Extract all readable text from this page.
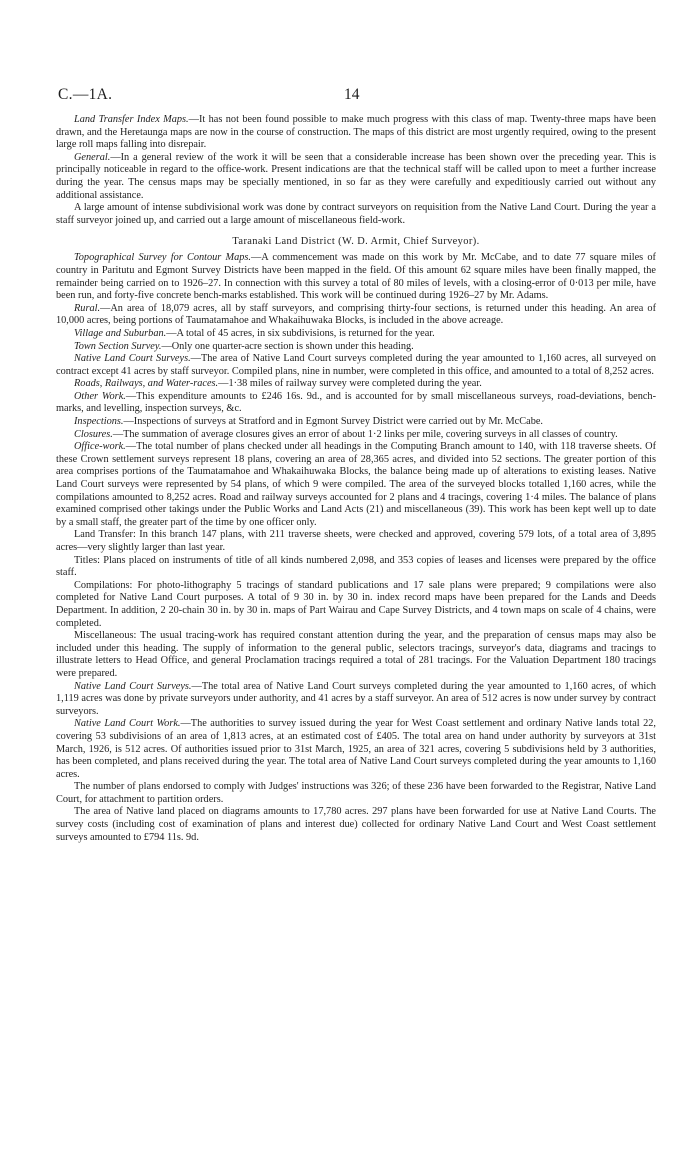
C.—1A.	14

Land Transfer Index Maps.—It has not been found possible to make much progress with this class of map. Twenty-three maps have been drawn, and the Heretaunga maps are now in the course of construction. The maps of this district are most urgently required, owing to the present large roll maps falling into disrepair.

General.—In a general review of the work it will be seen that a considerable increase has been shown over the preceding year. This is principally noticeable in regard to the office-work. Present indications are that the technical staff will be called upon to meet a further increase during the year. The census maps may be specially mentioned, in so far as they were carefully and expeditiously carried out without any additional assistance.

A large amount of intense subdivisional work was done by contract surveyors on requisition from the Native Land Court. During the year a staff surveyor joined up, and carried out a large amount of miscellaneous field-work.

Taranaki Land District (W. D. Armit, Chief Surveyor).

Topographical Survey for Contour Maps.—A commencement was made on this work by Mr. McCabe, and to date 77 square miles of country in Paritutu and Egmont Survey Districts have been mapped in the field. Of this amount 62 square miles have been finally mapped, the remainder being carried on to 1926–27. In connection with this survey a total of 80 miles of levels, with a closing-error of 0·013 per mile, have been run, and forty-five concrete bench-marks established. This work will be continued during 1926–27 by Mr. Adams.

Rural.—An area of 18,079 acres, all by staff surveyors, and comprising thirty-four sections, is returned under this heading. An area of 10,000 acres, being portions of Taumatamahoe and Whakaihuwaka Blocks, is included in the above acreage.

Village and Suburban.—A total of 45 acres, in six subdivisions, is returned for the year.

Town Section Survey.—Only one quarter-acre section is shown under this heading.

Native Land Court Surveys.—The area of Native Land Court surveys completed during the year amounted to 1,160 acres, all surveyed on contract except 41 acres by staff surveyor. Compiled plans, nine in number, were completed in this office, and amounted to a total of 8,252 acres.

Roads, Railways, and Water-races.—1·38 miles of railway survey were completed during the year.

Other Work.—This expenditure amounts to £246 16s. 9d., and is accounted for by small miscellaneous surveys, road-deviations, bench-marks, and levelling, inspection surveys, &c.

Inspections.—Inspections of surveys at Stratford and in Egmont Survey District were carried out by Mr. McCabe.

Closures.—The summation of average closures gives an error of about 1·2 links per mile, covering surveys in all classes of country.

Office-work.—The total number of plans checked under all headings in the Computing Branch amount to 140, with 118 traverse sheets. Of these Crown settlement surveys represent 18 plans, covering an area of 28,365 acres, and divided into 52 sections. The greater portion of this area comprises portions of the Taumatamahoe and Whakaihuwaka Blocks, the balance being made up of alterations to existing leases. Native Land Court surveys were represented by 54 plans, of which 9 were compiled. The area of the surveyed blocks totalled 1,160 acres, while the compilations amounted to 8,252 acres. Road and railway surveys accounted for 2 plans and 4 tracings, covering 1·4 miles. The balance of plans examined comprised other takings under the Public Works and Land Acts (21) and miscellaneous (39). This work has been kept well up to date by a small staff, the greater part of the time by one officer only.

Land Transfer: In this branch 147 plans, with 211 traverse sheets, were checked and approved, covering 579 lots, of a total area of 3,895 acres—very slightly larger than last year.

Titles: Plans placed on instruments of title of all kinds numbered 2,098, and 353 copies of leases and licenses were prepared by the office staff.

Compilations: For photo-lithography 5 tracings of standard publications and 17 sale plans were prepared; 9 compilations were also completed for Native Land Court purposes. A total of 9 30 in. by 30 in. index record maps have been prepared for the Lands and Deeds Department. In addition, 2 20-chain 30 in. by 30 in. maps of Part Wairau and Cape Survey Districts, and 4 town maps on scale of 4 chains, were completed.

Miscellaneous: The usual tracing-work has required constant attention during the year, and the preparation of census maps may also be included under this heading. The supply of information to the general public, selectors tracings, surveyor's data, diagrams and tracings to illustrate letters to Head Office, and general Proclamation tracings required a total of 281 tracings. For the Valuation Department 180 tracings were prepared.

Native Land Court Surveys.—The total area of Native Land Court surveys completed during the year amounted to 1,160 acres, of which 1,119 acres was done by private surveyors under authority, and 41 acres by a staff surveyor. An area of 512 acres is now under survey by contract surveyors.

Native Land Court Work.—The authorities to survey issued during the year for West Coast settlement and ordinary Native lands total 22, covering 53 subdivisions of an area of 1,813 acres, at an estimated cost of £405. The total area on hand under authority by surveyors at 31st March, 1926, is 512 acres. Of authorities issued prior to 31st March, 1925, an area of 321 acres, covering 5 subdivisions held by 3 authorities, has been completed, and plans received during the year. The total area of Native Land Court surveys completed during the year amounts to 1,160 acres.

The number of plans endorsed to comply with Judges' instructions was 326; of these 236 have been forwarded to the Registrar, Native Land Court, for attachment to partition orders.

The area of Native land placed on diagrams amounts to 17,780 acres. 297 plans have been forwarded for use at Native Land Courts. The survey costs (including cost of examination of plans and interest due) collected for ordinary Native Land Court and West Coast settlement surveys amounted to £794 11s. 9d.
